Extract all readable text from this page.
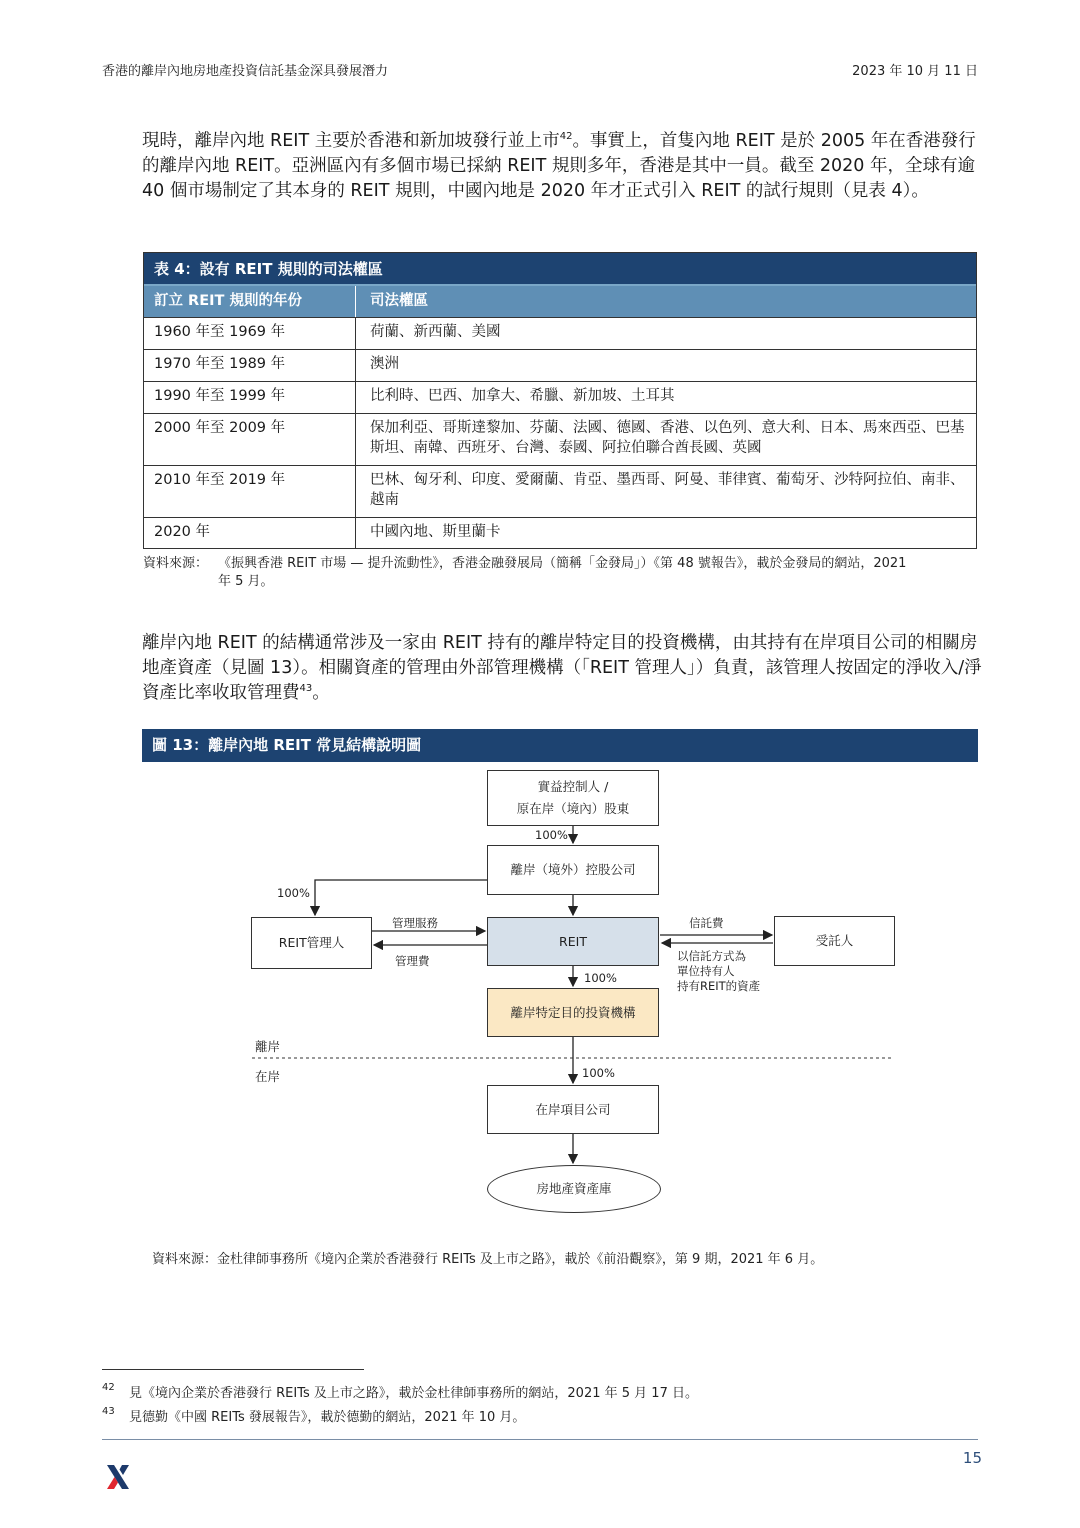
香港的離岸內地房地產投資信託基金深具發展潛力	2023 年 10 月 11 日

現時，離岸內地 REIT 主要於香港和新加坡發行並上市$^{42}$。事實上，首隻內地 REIT 是於 2005 年在香港發行的離岸內地 REIT。亞洲區內有多個市場已採納 REIT 規則多年，香港是其中一員。截至 2020 年，全球有逾 40 個市場制定了其本身的 REIT 規則，中國內地是 2020 年才正式引入 REIT 的試行規則（見表 4）。

表 4：設有 REIT 規則的司法權區
訂立 REIT 規則的年份	司法權區
1960 年至 1969 年	荷蘭、新西蘭、美國
1970 年至 1989 年	澳洲
1990 年至 1999 年	比利時、巴西、加拿大、希臘、新加坡、土耳其
2000 年至 2009 年	保加利亞、哥斯達黎加、芬蘭、法國、德國、香港、以色列、意大利、日本、馬來西亞、巴基斯坦、南韓、西班牙、台灣、泰國、阿拉伯聯合酋長國、英國
2010 年至 2019 年	巴林、匈牙利、印度、愛爾蘭、肯亞、墨西哥、阿曼、菲律賓、葡萄牙、沙特阿拉伯、南非、越南
2020 年	中國內地、斯里蘭卡
資料來源： 《振興香港 REIT 市場 — 提升流動性》，香港金融發展局（簡稱「金發局」）《第 48 號報告》，載於金發局的網站，2021
年 5 月。

離岸內地 REIT 的結構通常涉及一家由 REIT 持有的離岸特定目的投資機構，由其持有在岸項目公司的相關房地產資產（見圖 13）。相關資產的管理由外部管理機構（「REIT 管理人」）負責，該管理人按固定的淨收入/淨資產比率收取管理費$^{43}$。

圖 13：離岸內地 REIT 常見結構說明圖
實益控制人 /
原在岸（境內）股東
100%
離岸（境外）控股公司
100%
REIT管理人
管理服務
管理費
REIT
信託費
受託人
以信託方式為
單位持有人
持有REIT的資產
100%
離岸特定目的投資機構
離岸
在岸	100%
在岸項目公司
房地產資產庫
資料來源：金杜律師事務所《境內企業於香港發行 REITs 及上市之路》，載於《前沿觀察》，第 9 期，2021 年 6 月。
42 見《境內企業於香港發行 REITs 及上市之路》，載於金杜律師事務所的網站，2021 年 5 月 17 日。
43 見德勤《中國 REITs 發展報告》，載於德勤的網站，2021 年 10 月。
15
